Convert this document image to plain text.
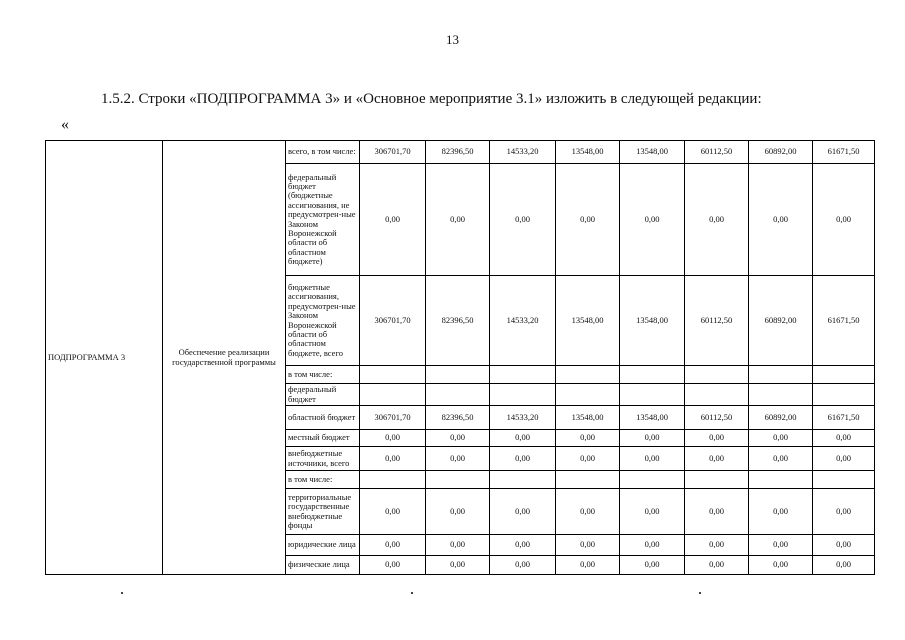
13
1.5.2. Строки «ПОДПРОГРАММА 3» и «Основное мероприятие 3.1» изложить в следующей редакции:
«
ПОДПРОГРАММА 3	Обеспечение реализации государственной программы	всего, в том числе:	306701,70	82396,50	14533,20	13548,00	13548,00	60112,50	60892,00	61671,50
		федеральный бюджет (бюджетные ассигнования, не предусмотрен-ные Законом Воронежской области об областном бюджете)	0,00	0,00	0,00	0,00	0,00	0,00	0,00	0,00
		бюджетные ассигнования, предусмотрен-ные Законом Воронежской области об областном бюджете, всего	306701,70	82396,50	14533,20	13548,00	13548,00	60112,50	60892,00	61671,50
		в том числе:								
		федеральный бюджет								
		областной бюджет	306701,70	82396,50	14533,20	13548,00	13548,00	60112,50	60892,00	61671,50
		местный бюджет	0,00	0,00	0,00	0,00	0,00	0,00	0,00	0,00
		внебюджетные источники, всего	0,00	0,00	0,00	0,00	0,00	0,00	0,00	0,00
		в том числе:								
		территориальные государственные внебюджетные фонды	0,00	0,00	0,00	0,00	0,00	0,00	0,00	0,00
		юридические лица	0,00	0,00	0,00	0,00	0,00	0,00	0,00	0,00
		физические лица	0,00	0,00	0,00	0,00	0,00	0,00	0,00	0,00
